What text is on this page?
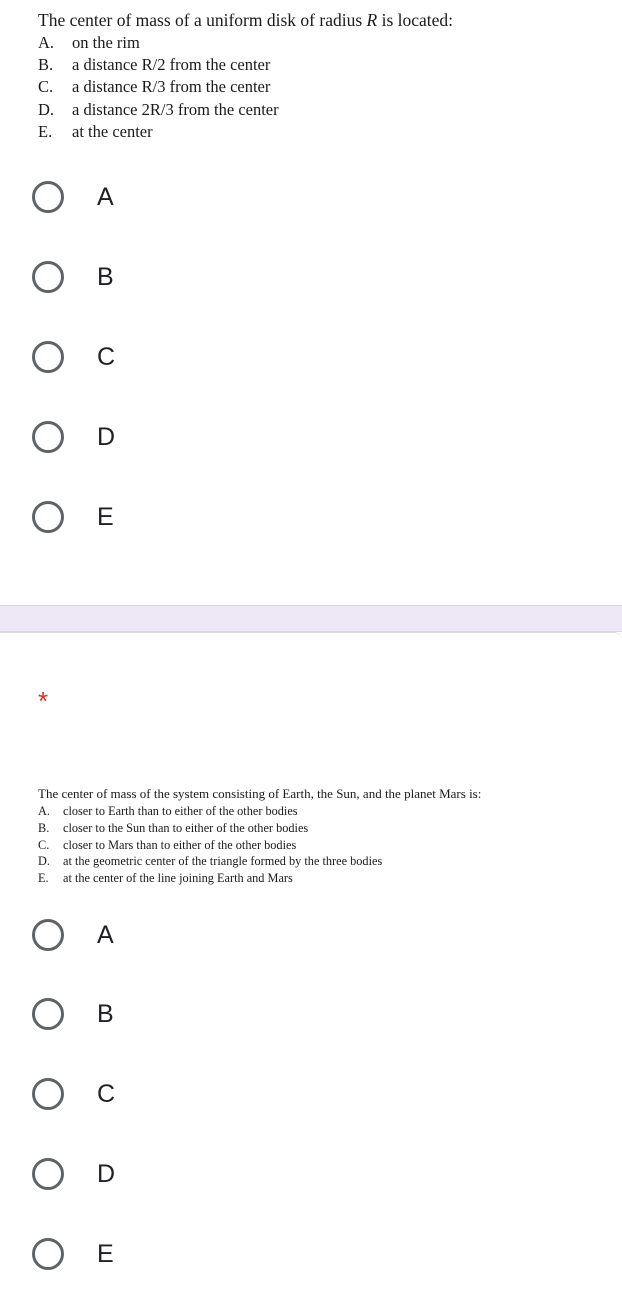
The center of mass of a uniform disk of radius R is located:
A.	on the rim
B.	a distance R/2 from the center
C.	a distance R/3 from the center
D.	a distance 2R/3 from the center
E.	at the center
A
B
C
D
E
*
The center of mass of the system consisting of Earth, the Sun, and the planet Mars is:
A.	closer to Earth than to either of the other bodies
B.	closer to the Sun than to either of the other bodies
C.	closer to Mars than to either of the other bodies
D.	at the geometric center of the triangle formed by the three bodies
E.	at the center of the line joining Earth and Mars
A
B
C
D
E
